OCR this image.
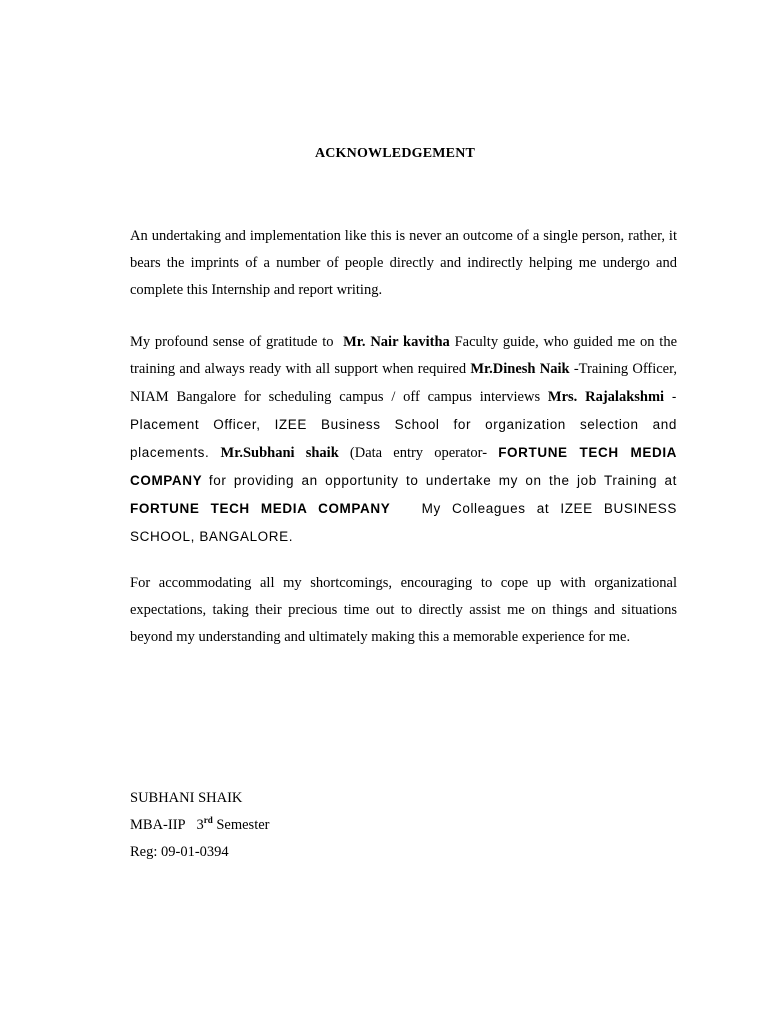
ACKNOWLEDGEMENT

An undertaking and implementation like this is never an outcome of a single person, rather, it bears the imprints of a number of people directly and indirectly helping me undergo and complete this Internship and report writing.

My profound sense of gratitude to Mr. Nair kavitha Faculty guide, who guided me on the training and always ready with all support when required Mr.Dinesh Naik -Training Officer, NIAM Bangalore for scheduling campus / off campus interviews Mrs. Rajalakshmi -Placement Officer, IZEE Business School for organization selection and placements. Mr.Subhani shaik (Data entry operator- FORTUNE TECH MEDIA COMPANY for providing an opportunity to undertake my on the job Training at FORTUNE TECH MEDIA COMPANY My Colleagues at IZEE BUSINESS SCHOOL, BANGALORE.

For accommodating all my shortcomings, encouraging to cope up with organizational expectations, taking their precious time out to directly assist me on things and situations beyond my understanding and ultimately making this a memorable experience for me.

SUBHANI SHAIK
MBA-IIP 3rd Semester
Reg: 09-01-0394
